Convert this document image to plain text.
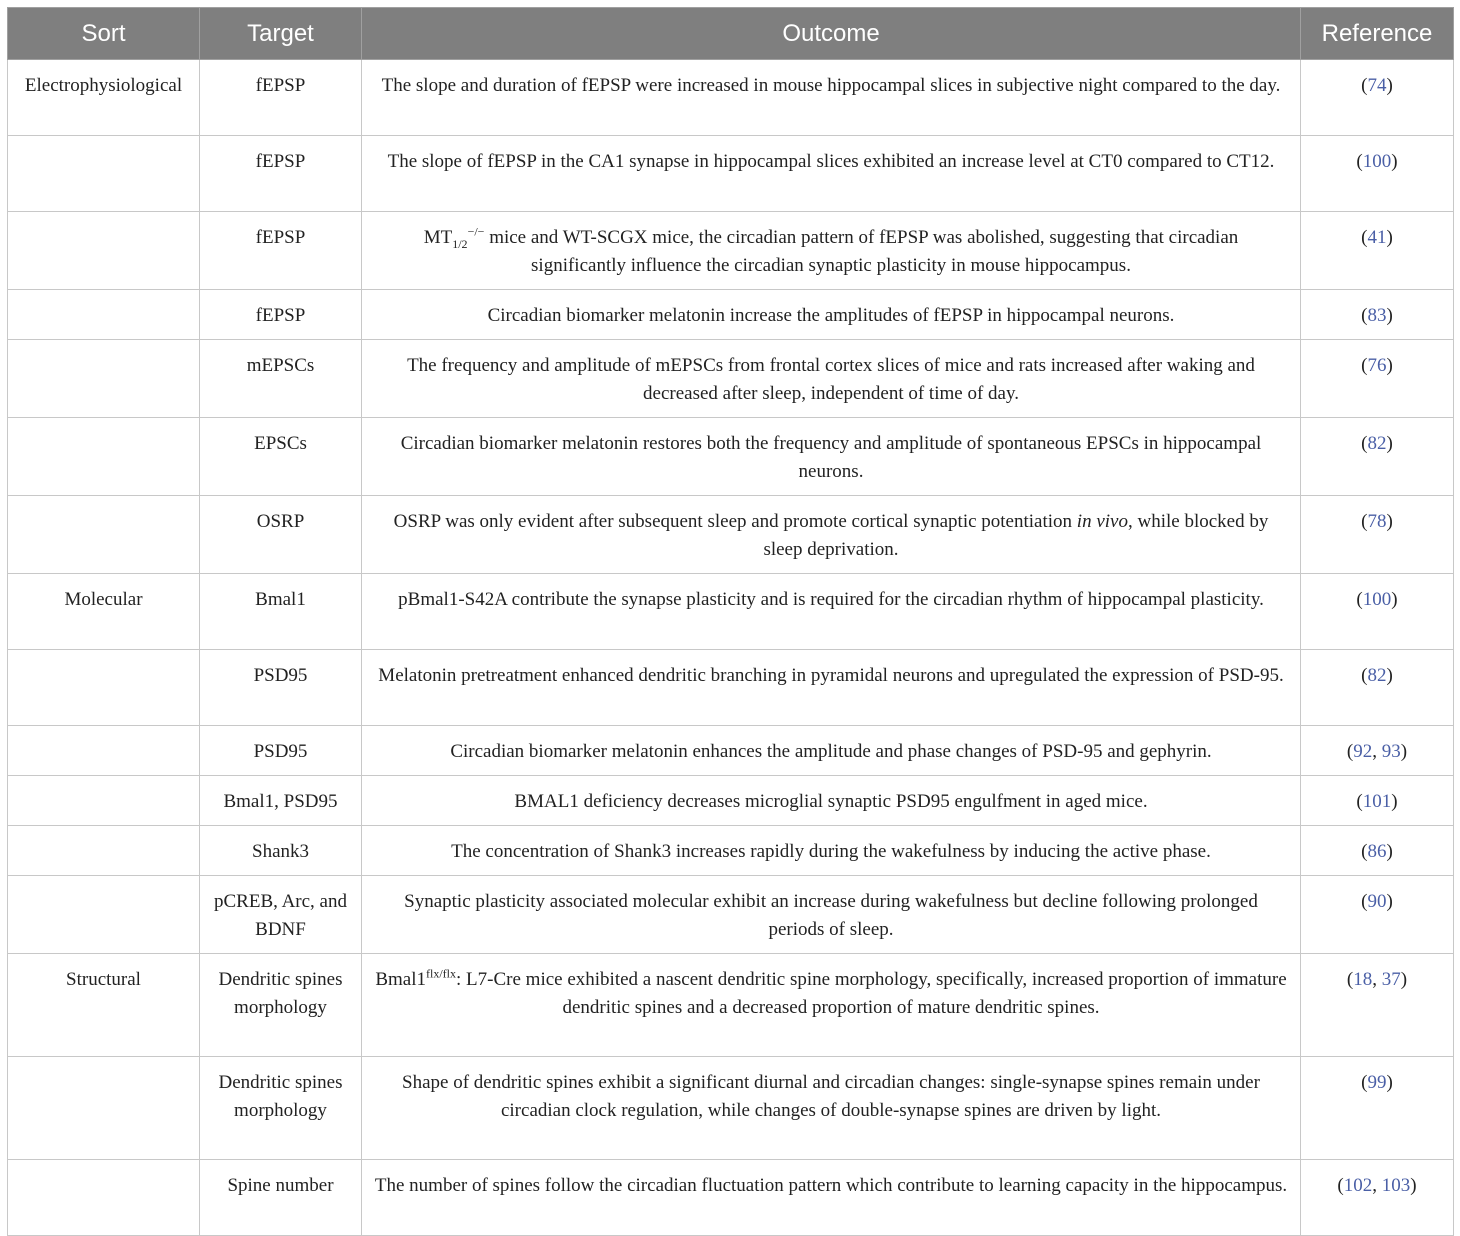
Sort	Target	Outcome	Reference
Electrophysiological	fEPSP	The slope and duration of fEPSP were increased in mouse hippocampal slices in subjective night compared to the day.	(74)
	fEPSP	The slope of fEPSP in the CA1 synapse in hippocampal slices exhibited an increase level at CT0 compared to CT12.	(100)
	fEPSP	$MT_{1/2}^{-/-}$ mice and WT-SCGX mice, the circadian pattern of fEPSP was abolished, suggesting that circadian significantly influence the circadian synaptic plasticity in mouse hippocampus.	(41)
	fEPSP	Circadian biomarker melatonin increase the amplitudes of fEPSP in hippocampal neurons.	(83)
	mEPSCs	The frequency and amplitude of mEPSCs from frontal cortex slices of mice and rats increased after waking and decreased after sleep, independent of time of day.	(76)
	EPSCs	Circadian biomarker melatonin restores both the frequency and amplitude of spontaneous EPSCs in hippocampal neurons.	(82)
	OSRP	OSRP was only evident after subsequent sleep and promote cortical synaptic potentiation in vivo, while blocked by sleep deprivation.	(78)
Molecular	Bmal1	pBmal1-S42A contribute the synapse plasticity and is required for the circadian rhythm of hippocampal plasticity.	(100)
	PSD95	Melatonin pretreatment enhanced dendritic branching in pyramidal neurons and upregulated the expression of PSD-95.	(82)
	PSD95	Circadian biomarker melatonin enhances the amplitude and phase changes of PSD-95 and gephyrin.	(92, 93)
	Bmal1, PSD95	BMAL1 deficiency decreases microglial synaptic PSD95 engulfment in aged mice.	(101)
	Shank3	The concentration of Shank3 increases rapidly during the wakefulness by inducing the active phase.	(86)
	pCREB, Arc, and BDNF	Synaptic plasticity associated molecular exhibit an increase during wakefulness but decline following prolonged periods of sleep.	(90)
Structural	Dendritic spines morphology	$Bmal1^{flx/flx}$: L7-Cre mice exhibited a nascent dendritic spine morphology, specifically, increased proportion of immature dendritic spines and a decreased proportion of mature dendritic spines.	(18, 37)
	Dendritic spines morphology	Shape of dendritic spines exhibit a significant diurnal and circadian changes: single-synapse spines remain under circadian clock regulation, while changes of double-synapse spines are driven by light.	(99)
	Spine number	The number of spines follow the circadian fluctuation pattern which contribute to learning capacity in the hippocampus.	(102, 103)
